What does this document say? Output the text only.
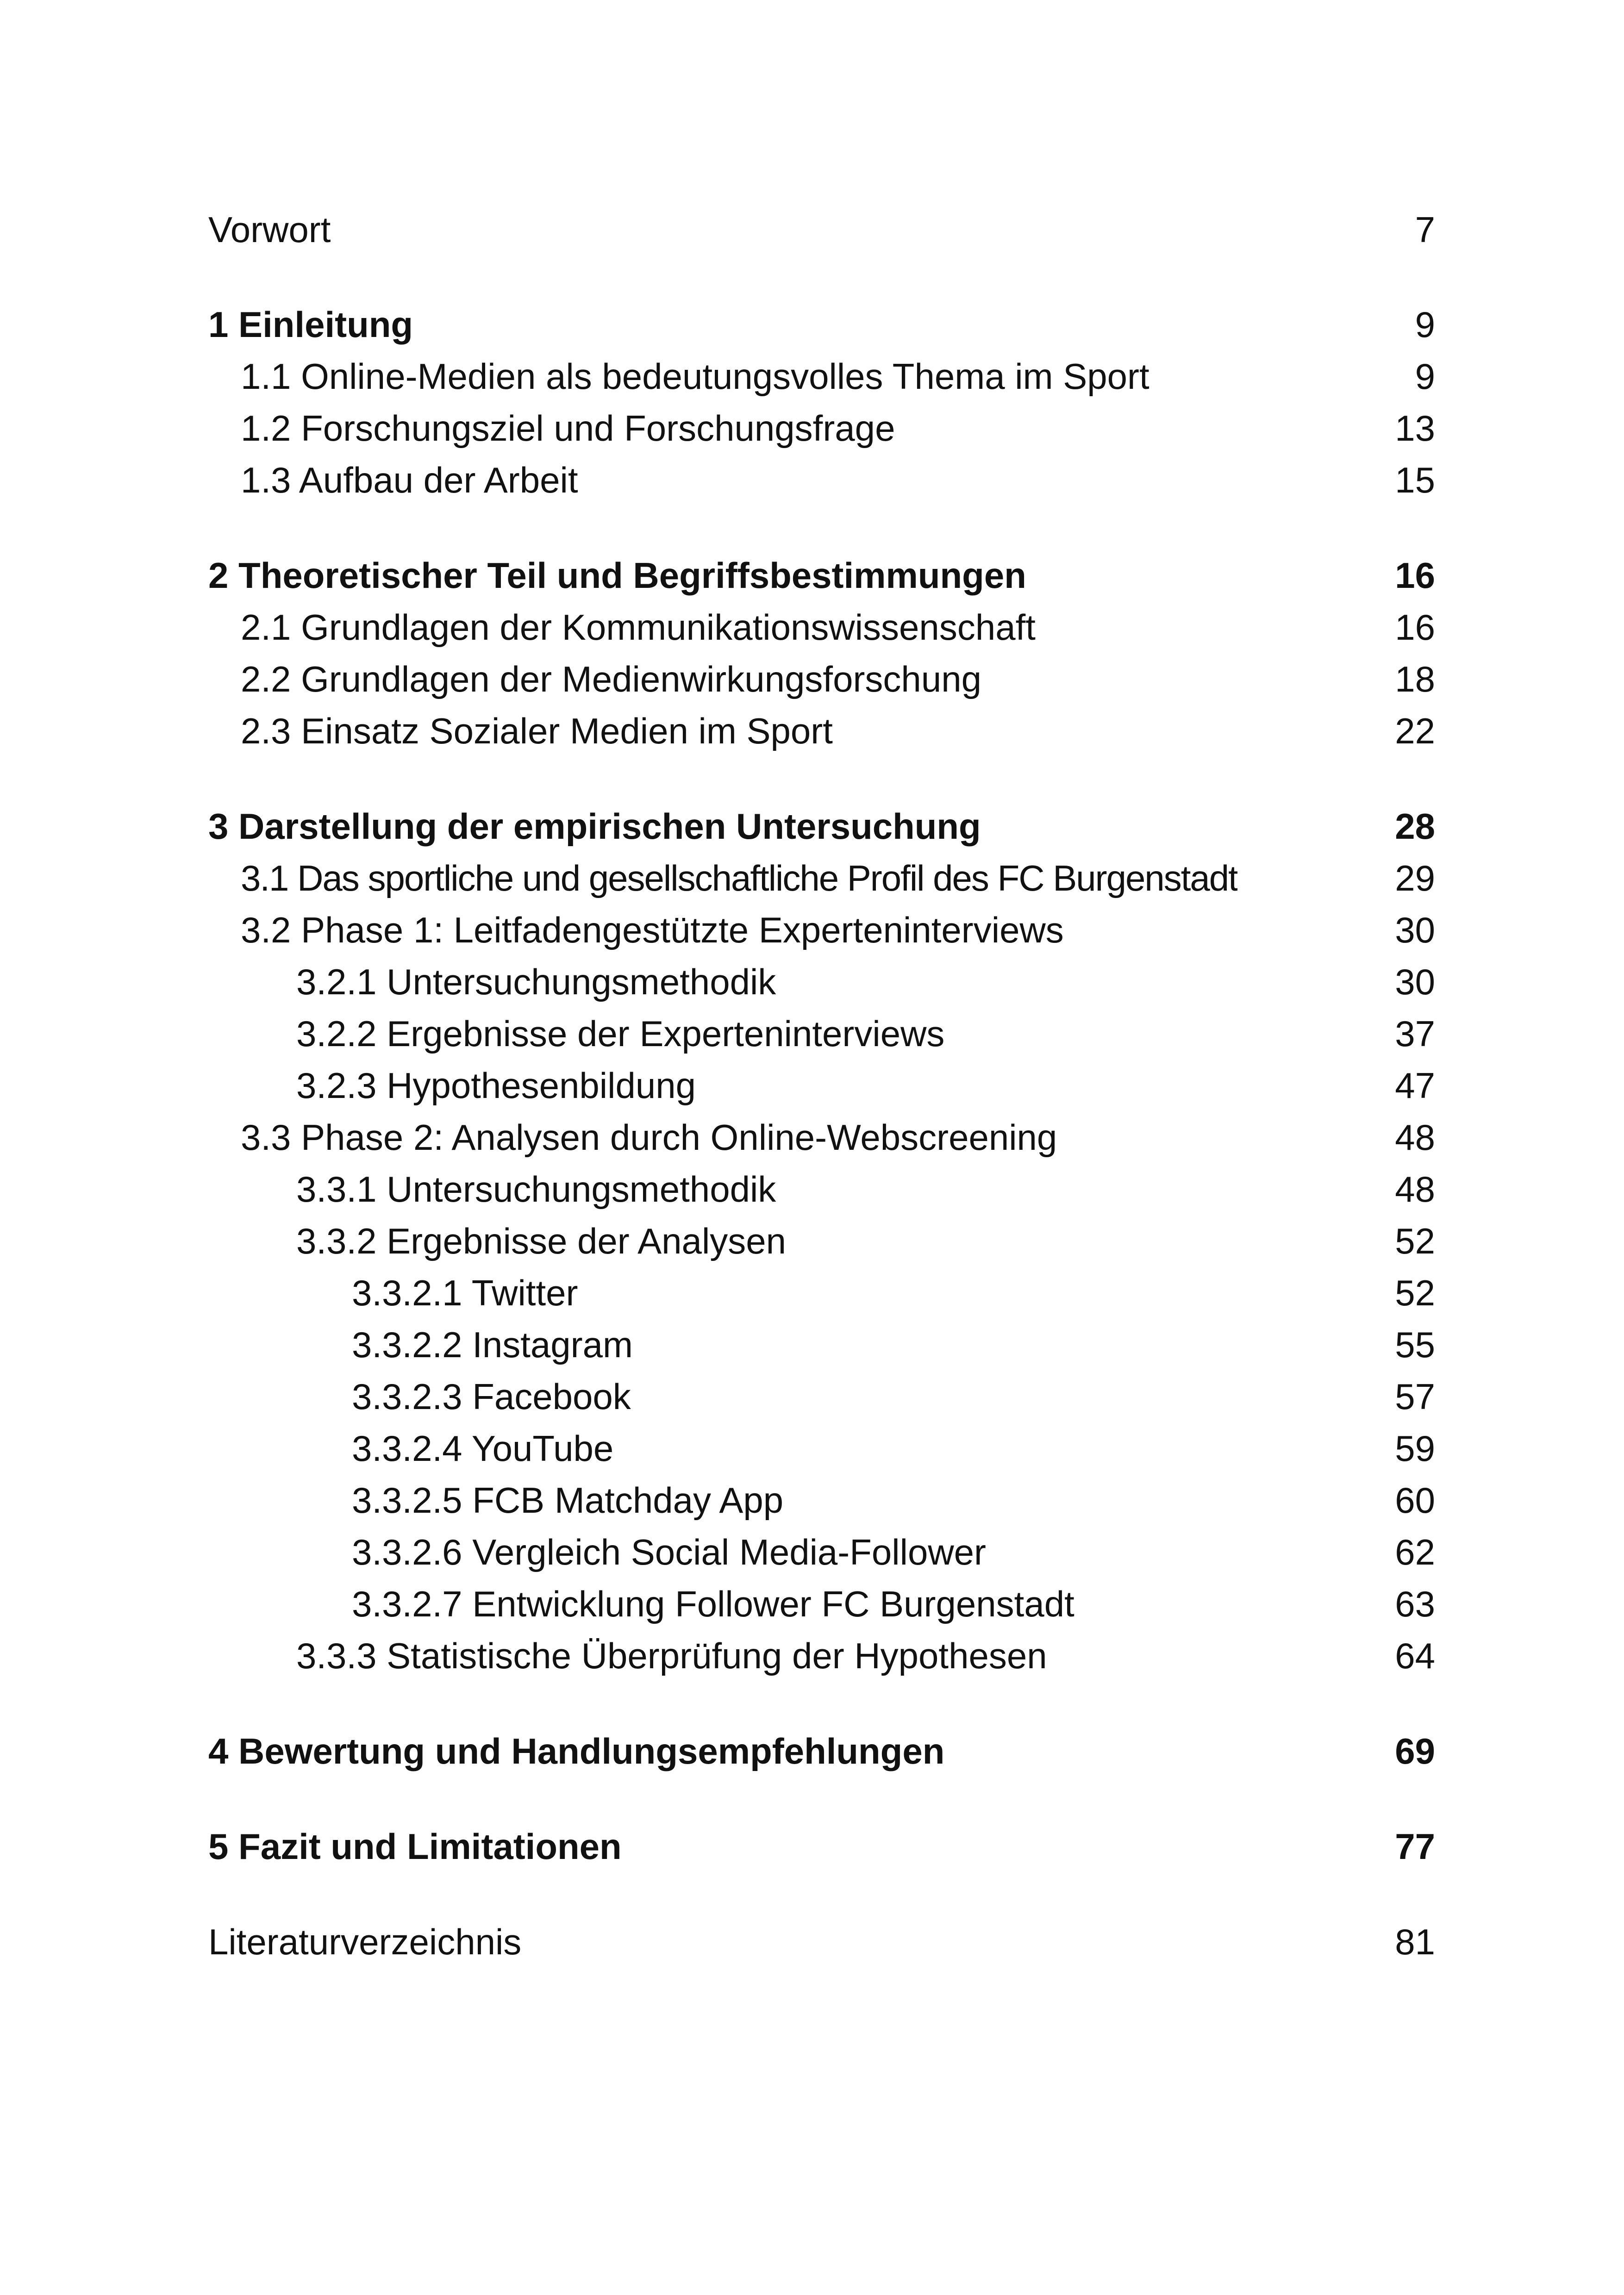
Vorwort	7
1 Einleitung	9
1.1 Online-Medien als bedeutungsvolles Thema im Sport	9
1.2 Forschungsziel und Forschungsfrage	13
1.3 Aufbau der Arbeit	15
2 Theoretischer Teil und Begriffsbestimmungen	16
2.1 Grundlagen der Kommunikationswissenschaft	16
2.2 Grundlagen der Medienwirkungsforschung	18
2.3 Einsatz Sozialer Medien im Sport	22
3 Darstellung der empirischen Untersuchung	28
3.1 Das sportliche und gesellschaftliche Profil des FC Burgenstadt	29
3.2 Phase 1: Leitfadengestützte Experteninterviews	30
3.2.1 Untersuchungsmethodik	30
3.2.2 Ergebnisse der Experteninterviews	37
3.2.3 Hypothesenbildung	47
3.3 Phase 2: Analysen durch Online-Webscreening	48
3.3.1 Untersuchungsmethodik	48
3.3.2 Ergebnisse der Analysen	52
3.3.2.1 Twitter	52
3.3.2.2 Instagram	55
3.3.2.3 Facebook	57
3.3.2.4 YouTube	59
3.3.2.5 FCB Matchday App	60
3.3.2.6 Vergleich Social Media-Follower	62
3.3.2.7 Entwicklung Follower FC Burgenstadt	63
3.3.3 Statistische Überprüfung der Hypothesen	64
4 Bewertung und Handlungsempfehlungen	69
5 Fazit und Limitationen	77
Literaturverzeichnis	81
